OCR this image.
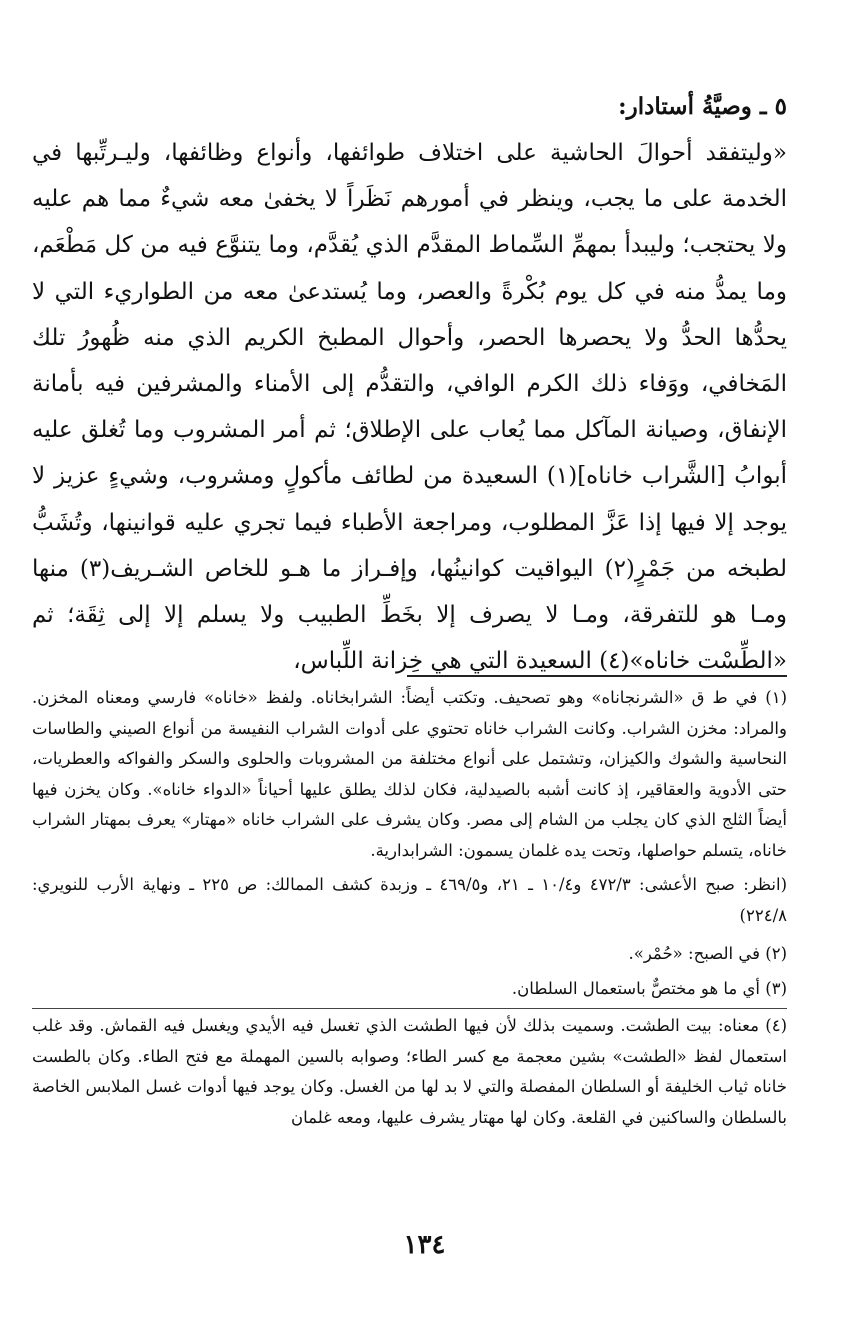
٥ ـ وصيَّةُ أستادار:

«وليتفقد أحوالَ الحاشية على اختلاف طوائفها، وأنواع وظائفها، وليـرتِّبها في الخدمة على ما يجب، وينظر في أمورهم نَظَراً لا يخفىٰ معه شيءٌ مما هم عليه ولا يحتجب؛ وليبدأ بمهمِّ السِّماط المقدَّم الذي يُقدَّم، وما يتنوَّع فيه من كل مَطْعَم، وما يمدُّ منه في كل يوم بُكْرةً والعصر، وما يُستدعىٰ معه من الطواريء التي لا يحدُّها الحدُّ ولا يحصرها الحصر، وأحوال المطبخ الكريم الذي منه ظُهورُ تلك المَخافي، ووَفاء ذلك الكرم الوافي، والتقدُّم إلى الأمناء والمشرفين فيه بأمانة الإنفاق، وصيانة المآكل مما يُعاب على الإطلاق؛ ثم أمر المشروب وما تُغلق عليه أبوابُ [الشَّراب خاناه](١) السعيدة من لطائف مأكولٍ ومشروب، وشيءٍ عزيز لا يوجد إلا فيها إذا عَزَّ المطلوب، ومراجعة الأطباء فيما تجري عليه قوانينها، وتُشَبُّ لطبخه من جَمْرٍ(٢) اليواقيت كوانينُها، وإفـراز ما هـو للخاص الشـريف(٣) منها ومـا هو للتفرقة، ومـا لا يصرف إلا بخَطِّ الطبيب ولا يسلم إلا إلى ثِقَة؛ ثم «الطِّسْت خاناه»(٤) السعيدة التي هي خِزانة اللِّباس،

(١) في ط ق «الشرنجاناه» وهو تصحيف. وتكتب أيضاً: الشرابخاناه. ولفظ «خاناه» فارسي ومعناه المخزن. والمراد: مخزن الشراب. وكانت الشراب خاناه تحتوي على أدوات الشراب النفيسة من أنواع الصيني والطاسات النحاسية والشوك والكيزان، وتشتمل على أنواع مختلفة من المشروبات والحلوى والسكر والفواكه والعطريات، حتى الأدوية والعقاقير، إذ كانت أشبه بالصيدلية، فكان لذلك يطلق عليها أحياناً «الدواء خاناه». وكان يخزن فيها أيضاً الثلج الذي كان يجلب من الشام إلى مصر. وكان يشرف على الشراب خاناه «مهتار» يعرف بمهتار الشراب خاناه، يتسلم حواصلها، وتحت يده غلمان يسمون: الشرابدارية.

(انظر: صبح الأعشى: ٤٧٢/٣ و١٠/٤ ـ ٢١، و٤٦٩/٥ ـ وزبدة كشف الممالك: ص ٢٢٥ ـ ونهاية الأرب للنويري: ٢٢٤/٨)

(٢) في الصبح: «حُمْر».

(٣) أي ما هو مختصٌّ باستعمال السلطان.

(٤) معناه: بيت الطشت. وسميت بذلك لأن فيها الطشت الذي تغسل فيه الأيدي ويغسل فيه القماش. وقد غلب استعمال لفظ «الطشت» بشين معجمة مع كسر الطاء؛ وصوابه بالسين المهملة مع فتح الطاء. وكان بالطست خاناه ثياب الخليفة أو السلطان المفصلة والتي لا بد لها من الغسل. وكان يوجد فيها أدوات غسل الملابس الخاصة بالسلطان والساكنين في القلعة. وكان لها مهتار يشرف عليها، ومعه غلمان

١٣٤
